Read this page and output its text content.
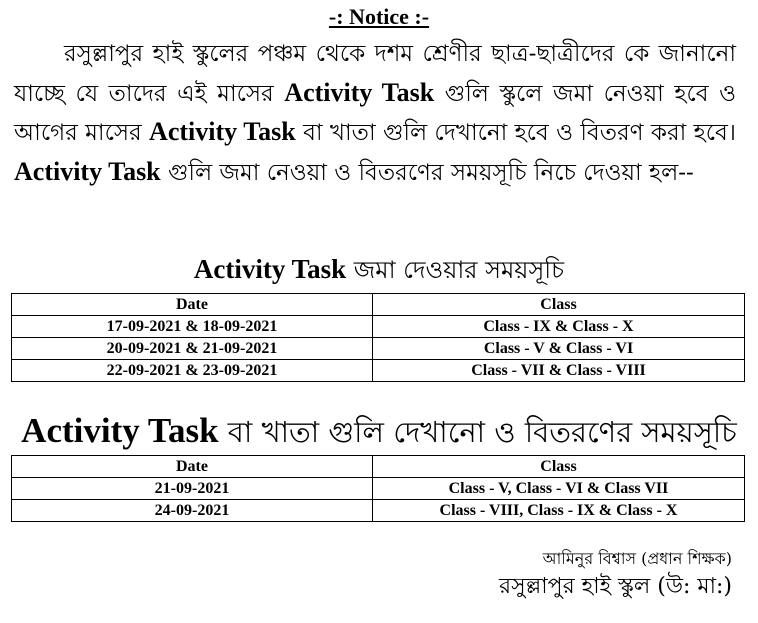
-: Notice :-
রসুল্লাপুর হাই স্কুলের পঞ্চম থেকে দশম শ্রেণীর ছাত্র-ছাত্রীদের কে জানানো যাচ্ছে যে তাদের এই মাসের Activity Task গুলি স্কুলে জমা নেওয়া হবে ও আগের মাসের Activity Task বা খাতা গুলি দেখানো হবে ও বিতরণ করা হবে। Activity Task গুলি জমা নেওয়া ও বিতরণের সময়সূচি নিচে দেওয়া হল--
Activity Task জমা দেওয়ার সময়সূচি
Date	Class
17-09-2021 & 18-09-2021	Class - IX & Class - X
20-09-2021 & 21-09-2021	Class - V & Class - VI
22-09-2021 & 23-09-2021	Class - VII & Class - VIII
Activity Task বা খাতা গুলি দেখানো ও বিতরণের সময়সূচি
Date	Class
21-09-2021	Class - V, Class - VI & Class VII
24-09-2021	Class - VIII, Class - IX & Class - X
আমিনুর বিশ্বাস (প্রধান শিক্ষক)
রসুল্লাপুর হাই স্কুল (উ: মা:)
